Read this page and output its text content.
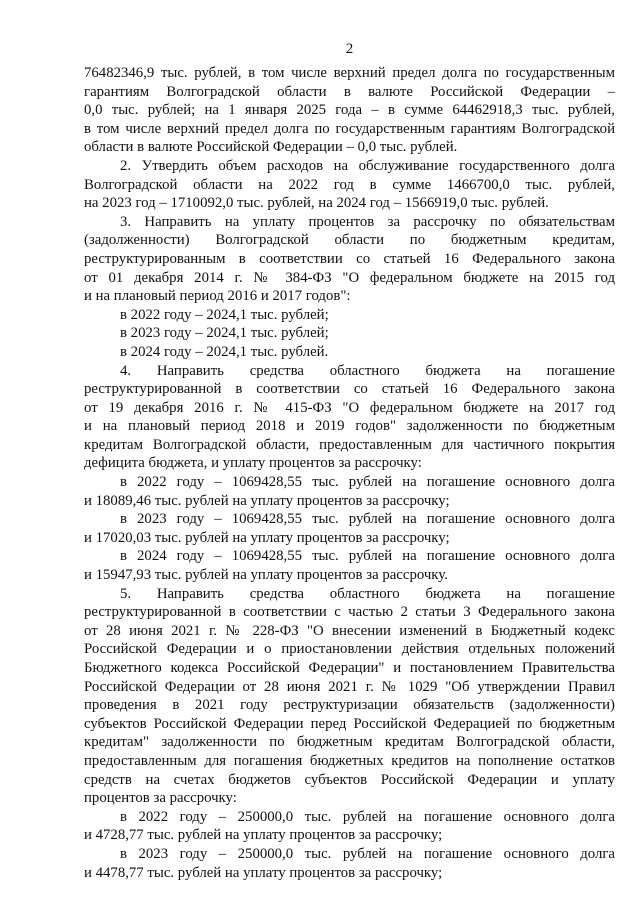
2
76482346,9 тыс. рублей, в том числе верхний предел долга по государственным
гарантиям Волгоградской области в валюте Российской Федерации –
0,0 тыс. рублей; на 1 января 2025 года – в сумме 64462918,3 тыс. рублей,
в том числе верхний предел долга по государственным гарантиям Волгоградской
области в валюте Российской Федерации – 0,0 тыс. рублей.
2. Утвердить объем расходов на обслуживание государственного долга
Волгоградской области на 2022 год в сумме 1466700,0 тыс. рублей,
на 2023 год – 1710092,0 тыс. рублей, на 2024 год – 1566919,0 тыс. рублей.
3. Направить на уплату процентов за рассрочку по обязательствам
(задолженности) Волгоградской области по бюджетным кредитам,
реструктурированным в соответствии со статьей 16 Федерального закона
от 01 декабря 2014 г. № 384-ФЗ "О федеральном бюджете на 2015 год
и на плановый период 2016 и 2017 годов":
в 2022 году – 2024,1 тыс. рублей;
в 2023 году – 2024,1 тыс. рублей;
в 2024 году – 2024,1 тыс. рублей.
4. Направить средства областного бюджета на погашение
реструктурированной в соответствии со статьей 16 Федерального закона
от 19 декабря 2016 г. № 415-ФЗ "О федеральном бюджете на 2017 год
и на плановый период 2018 и 2019 годов" задолженности по бюджетным
кредитам Волгоградской области, предоставленным для частичного покрытия
дефицита бюджета, и уплату процентов за рассрочку:
в 2022 году – 1069428,55 тыс. рублей на погашение основного долга
и 18089,46 тыс. рублей на уплату процентов за рассрочку;
в 2023 году – 1069428,55 тыс. рублей на погашение основного долга
и 17020,03 тыс. рублей на уплату процентов за рассрочку;
в 2024 году – 1069428,55 тыс. рублей на погашение основного долга
и 15947,93 тыс. рублей на уплату процентов за рассрочку.
5. Направить средства областного бюджета на погашение
реструктурированной в соответствии с частью 2 статьи 3 Федерального закона
от 28 июня 2021 г. № 228-ФЗ "О внесении изменений в Бюджетный кодекс
Российской Федерации и о приостановлении действия отдельных положений
Бюджетного кодекса Российской Федерации" и постановлением Правительства
Российской Федерации от 28 июня 2021 г. № 1029 "Об утверждении Правил
проведения в 2021 году реструктуризации обязательств (задолженности)
субъектов Российской Федерации перед Российской Федерацией по бюджетным
кредитам" задолженности по бюджетным кредитам Волгоградской области,
предоставленным для погашения бюджетных кредитов на пополнение остатков
средств на счетах бюджетов субъектов Российской Федерации и уплату
процентов за рассрочку:
в 2022 году – 250000,0 тыс. рублей на погашение основного долга
и 4728,77 тыс. рублей на уплату процентов за рассрочку;
в 2023 году – 250000,0 тыс. рублей на погашение основного долга
и 4478,77 тыс. рублей на уплату процентов за рассрочку;
